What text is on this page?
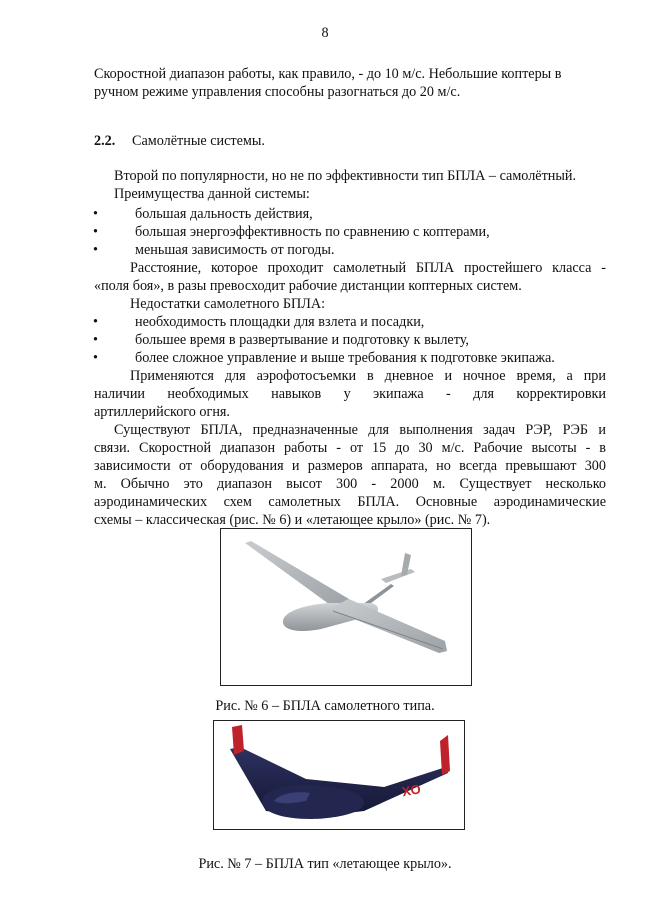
8
Скоростной диапазон работы, как правило, - до 10 м/с. Небольшие коптеры в
ручном режиме управления способны разогнаться до 20 м/с.
2.2. Самолётные системы.
Второй по популярности, но не по эффективности тип БПЛА – самолётный.
Преимущества данной системы:
•	большая дальность действия,
•	большая энергоэффективность по сравнению с коптерами,
•	меньшая зависимость от погоды.
Расстояние, которое проходит самолетный БПЛА простейшего класса -
«поля боя», в разы превосходит рабочие дистанции коптерных систем.
Недостатки самолетного БПЛА:
•	необходимость площадки для взлета и посадки,
•	большее время в развертывание и подготовку к вылету,
•	более сложное управление и выше требования к подготовке экипажа.
Применяются для аэрофотосъемки в дневное и ночное время, а при
наличии необходимых навыков у экипажа - для корректировки
артиллерийского огня.
Существуют БПЛА, предназначенные для выполнения задач РЭР, РЭБ и
связи. Скоростной диапазон работы - от 15 до 30 м/с. Рабочие высоты - в
зависимости от оборудования и размеров аппарата, но всегда превышают 300
м. Обычно это диапазон высот 300 - 2000 м. Существует несколько
аэродинамических схем самолетных БПЛА. Основные аэродинамические
схемы – классическая (рис. № 6) и «летающее крыло» (рис. № 7).
Рис. № 6 – БПЛА самолетного типа.
XO
Рис. № 7 – БПЛА тип «летающее крыло».
